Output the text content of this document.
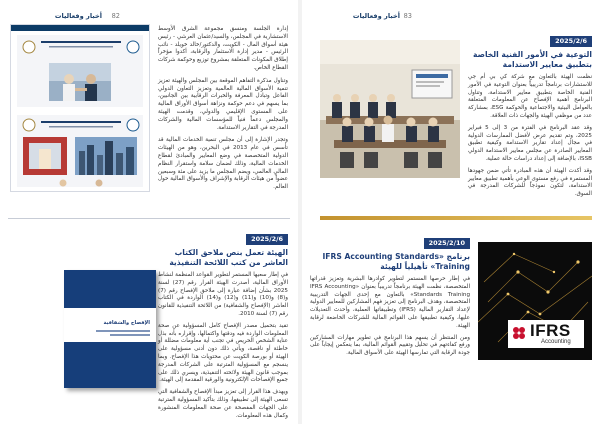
أخبار وفعاليات 82

إدارة الجلسة ومنسق مجموعة الشرق الأوسط الاستشارية في المجلس، والسيد/عثمان العرشي - رئيس هيئة أسواق المال - الكويت، والدكتور/خالد خويلد - نائب الرئيس - مدير إدارة الاستثمار والرقابة، أكدوا مؤخراً إطلاق المكونات المتعلقة بمشروع توزيع وحوكمة شركات القطاع الخاص.

وتناول مذكرة التفاهم الموقعة بين المجلس والهيئة تعزيز تنمية الأسواق المالية العالمية وتعزيز التعاون الدولي الفاعل وتبادل المعرفة والخبرات الرقابية بين الجانبين، بما يسهم في دعم حوكمة ونزاهة أسواق الأوراق المالية على المستوى الإقليمي والدولي، وقدمت الهيئة والمجلس دعماً فنياً للمؤسسات المالية والشركات المدرجة في التقارير الاستدامة.

وتجدر الإشارة إلى أن مجلس تنمية الخدمات المالية قد تأسس في عام 2013 في البحرين، وهو من الهيئات الدولية المتخصصة في وضع المعايير والمبادئ لقطاع الخدمات المالية، وذلك لضمان سلامة واستقرار النظام المالي العالمي، ويضم المجلس ما يزيد على مئة وسبعين عضواً من هيئات الرقابة والإشراف والأسواق المالية حول العالم.

2025/2/6
الهيئة تعمل بنص ملاحق الكتاب العاشر من كتب اللائحة التنفيذية

في إطار سعيها المستمر لتطوير القواعد المنظمة لنشاط الأوراق المالية، أصدرت الهيئة القرار رقم (27) لسنة 2025 بشأن إضافة عبارة إلى ملاحق الإفصاح رقم (7) و(8) و(10) و(11) و(12) و(14) الواردة في الكتاب العاشر (الإفصاح والشفافية) من اللائحة التنفيذية للقانون رقم (7) لسنة 2010.

تفيد بتحميل مصدر الإفصاح كامل المسؤولية عن صحة المعلومات الواردة فيه ودقتها واكتمالها، وإقراره بأنه بذل عناية الشخص الحريص في تجنب أية معلومات مضللة أو خاطئة أو ناقصة، ويأتي ذلك دون أدنى مسؤولية على الهيئة أو بورصة الكويت عن محتويات هذا الإفصاح. وبما ينسجم مع المسؤولية المترتبة على الشركات المدرجة بموجب قانون الهيئة ولائحته التنفيذية، ويسري ذلك على جميع الإفصاحات الإلكترونية والورقية المقدمة إلى الهيئة.

ويهدف هذا القرار إلى تعزيز مبدأ الإفصاح والشفافية التي تسعى الهيئة إلى تطبيقها، وذلك بتأكيد المسؤولية المترتبة على الجهات المفصحة عن صحة المعلومات المنشورة وكمال هذه المعلومات.

الإفصاح والشفافية
أخبار وفعاليات 83
2025/2/6
التوعية في الأمور الفنية الخاصة بتطبيق معايير الاستدامة

نظمت الهيئة بالتعاون مع شركة كي بي أم جي للاستشارات برنامجاً تدريبياً بعنوان التوعية في الأمور الفنية الخاصة بتطبيق معايير الاستدامة، وتناول البرنامج أهمية الإفصاح عن المعلومات المتعلقة بالعوامل البيئية والاجتماعية والحوكمة ESG، بمشاركة عدد من موظفي الهيئة والجهات ذات العلاقة.

وقد عقد البرنامج في الفترة من 3 إلى 5 فبراير 2025، وتم تقديم عرض لأفضل الممارسات الدولية في مجال إعداد تقارير الاستدامة وكيفية تطبيق المعايير الصادرة عن مجلس معايير الاستدامة الدولي ISSB، بالإضافة إلى إعداد دراسات حالة عملية.

وقد أكدت الهيئة أن هذه المبادرة تأتي ضمن جهودها المستمرة في رفع مستوى الوعي بأهمية تطبيق معايير الاستدامة، لتكون نموذجاً للشركات المدرجة في السوق.

2025/2/10
برنامج «IFRS Accounting Standards Training» تأهيلياً للهيئة

في إطار حرصها المستمر لتطوير كوادرها البشرية وتعزيز قدراتها المتخصصة، نظمت الهيئة برنامجاً تدريبياً بعنوان «IFRS Accounting Standards Training» بالتعاون مع إحدى الجهات التدريبية المتخصصة، وهدف البرنامج إلى تعزيز فهم المشاركين للمعايير الدولية لإعداد التقارير المالية (IFRS) وتطبيقاتها العملية، وأحدث التعديلات عليها، وكيفية تطبيقها على القوائم المالية للشركات الخاضعة لرقابة الهيئة.

ومن المنتظر أن يسهم هذا البرنامج في تطوير مهارات المشاركين ورفع كفاءتهم في تحليل وتقييم القوائم المالية، بما ينعكس إيجاباً على جودة الرقابة التي تمارسها الهيئة على الأسواق المالية.

IFRS
Accounting
